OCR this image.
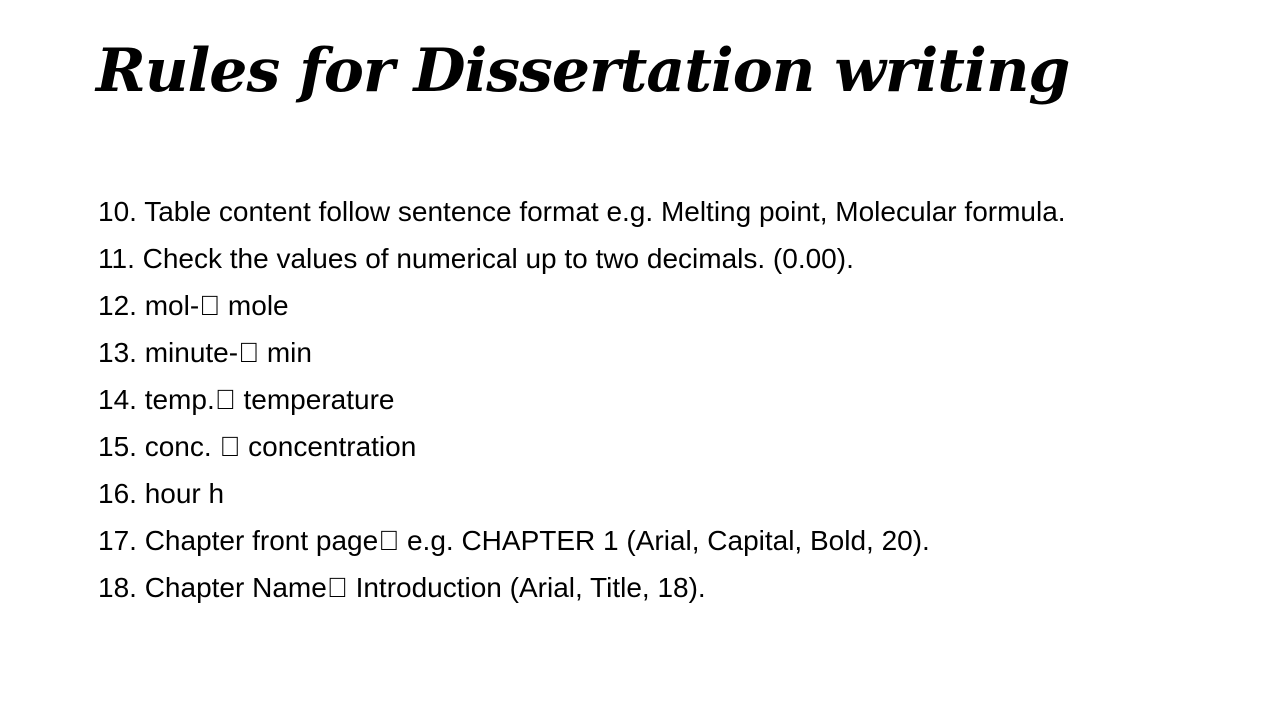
Rules for Dissertation writing
10. Table content follow sentence format e.g. Melting point, Molecular formula.
11. Check the values of numerical up to two decimals. (0.00).
12. mol-  mole
13. minute-  min
14. temp.  temperature
15. conc.   concentration
16. hour h
17. Chapter front page  e.g. CHAPTER 1 (Arial, Capital, Bold, 20).
18. Chapter Name  Introduction (Arial, Title, 18).
